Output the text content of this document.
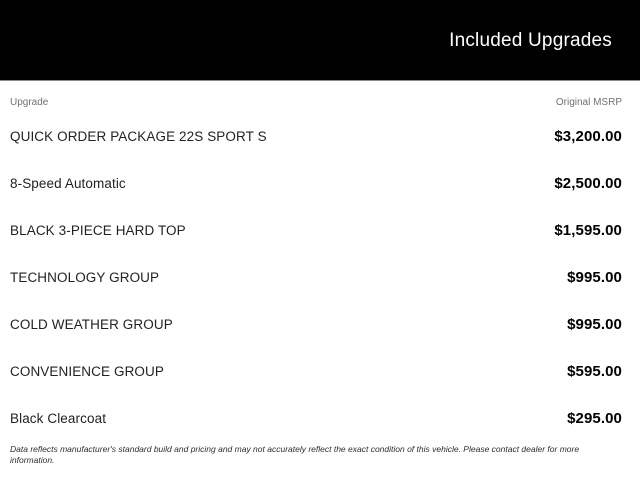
Included Upgrades
Upgrade	Original MSRP
QUICK ORDER PACKAGE 22S SPORT S	$3,200.00
8-Speed Automatic	$2,500.00
BLACK 3-PIECE HARD TOP	$1,595.00
TECHNOLOGY GROUP	$995.00
COLD WEATHER GROUP	$995.00
CONVENIENCE GROUP	$595.00
Black Clearcoat	$295.00
Data reflects manufacturer's standard build and pricing and may not accurately reflect the exact condition of this vehicle. Please contact dealer for more information.
